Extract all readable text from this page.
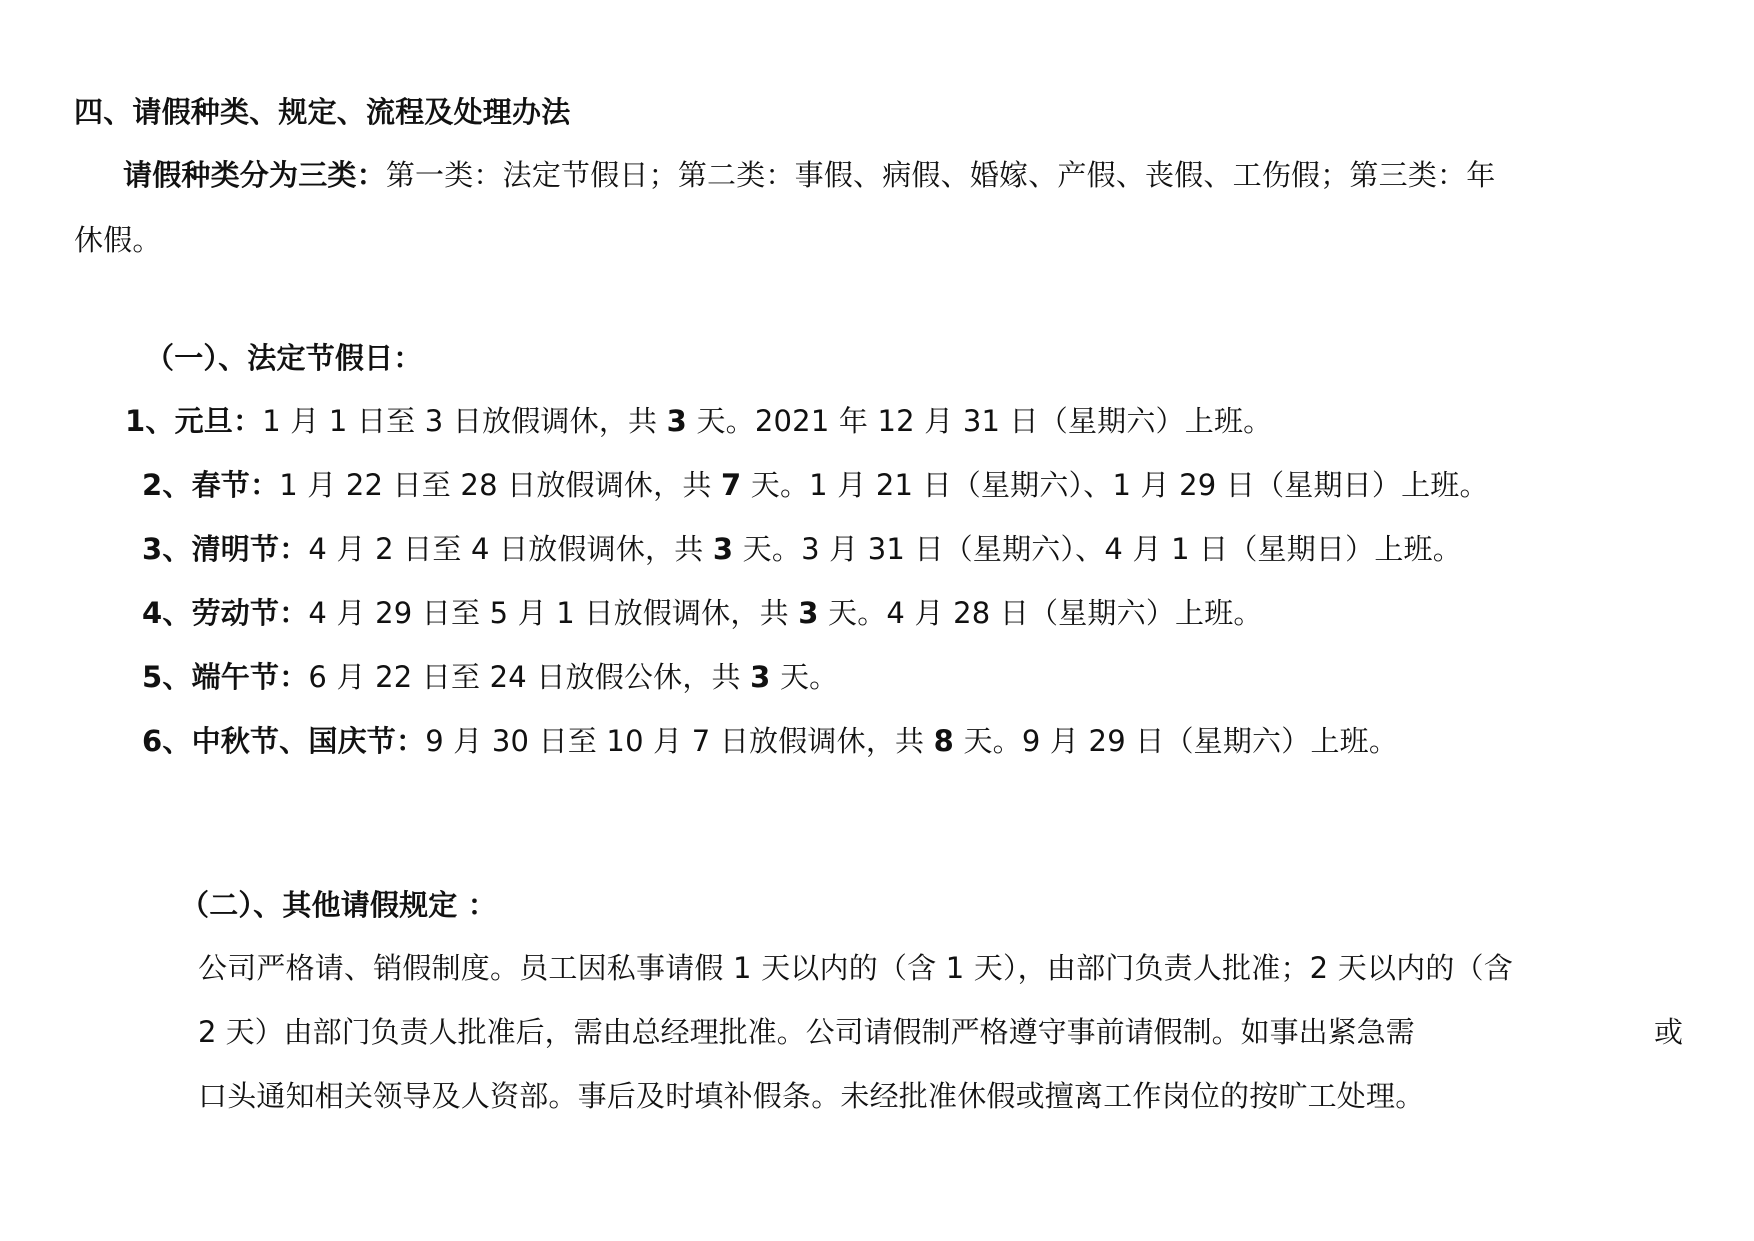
四、请假种类、规定、流程及处理办法
请假种类分为三类：第一类：法定节假日；第二类：事假、病假、婚嫁、产假、丧假、工伤假；第三类：年
休假。
（一）、法定节假日：
1、元旦：1 月 1 日至 3 日放假调休，共 3 天。2021 年 12 月 31 日（星期六）上班。
2、春节：1 月 22 日至 28 日放假调休，共 7 天。1 月 21 日（星期六）、1 月 29 日（星期日）上班。
3、清明节：4 月 2 日至 4 日放假调休，共 3 天。3 月 31 日（星期六）、4 月 1 日（星期日）上班。
4、劳动节：4 月 29 日至 5 月 1 日放假调休，共 3 天。4 月 28 日（星期六）上班。
5、端午节：6 月 22 日至 24 日放假公休，共 3 天。
6、中秋节、国庆节：9 月 30 日至 10 月 7 日放假调休，共 8 天。9 月 29 日（星期六）上班。
（二）、其他请假规定 ：
公司严格请、销假制度。员工因私事请假 1 天以内的（含 1 天），由部门负责人批准；2 天以内的（含
2 天）由部门负责人批准后，需由总经理批准。公司请假制严格遵守事前请假制。如事出紧急需	或
口头通知相关领导及人资部。事后及时填补假条。未经批准休假或擅离工作岗位的按旷工处理。
